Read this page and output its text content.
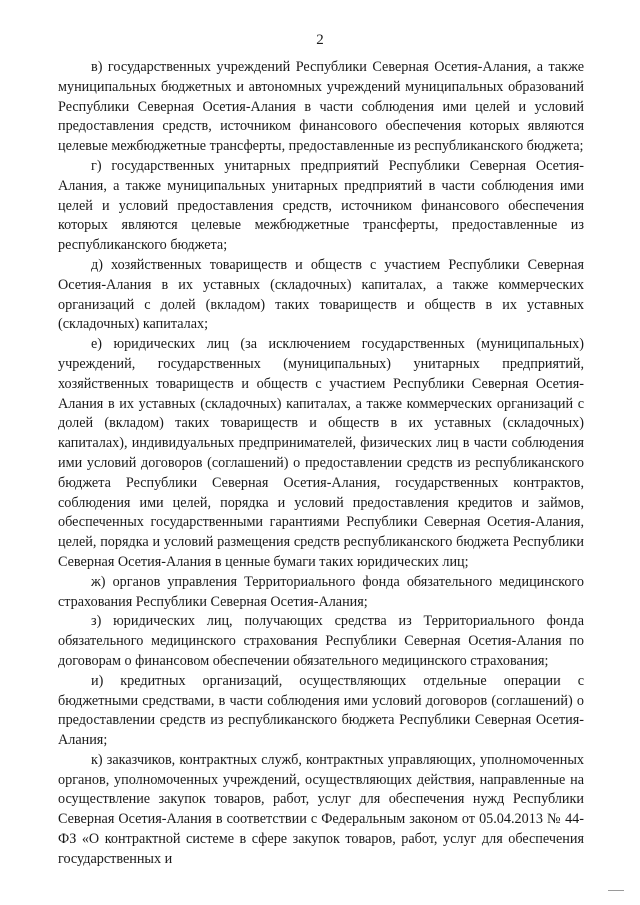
2

в) государственных учреждений Республики Северная Осетия-Алания, а также муниципальных бюджетных и автономных учреждений муниципальных образований Республики Северная Осетия-Алания в части соблюдения ими целей и условий предоставления средств, источником финансового обеспечения которых являются целевые межбюджетные трансферты, предоставленные из республиканского бюджета;

г) государственных унитарных предприятий Республики Северная Осетия-Алания, а также муниципальных унитарных предприятий в части соблюдения ими целей и условий предоставления средств, источником финансового обеспечения которых являются целевые межбюджетные трансферты, предоставленные из республиканского бюджета;

д) хозяйственных товариществ и обществ с участием Республики Северная Осетия-Алания в их уставных (складочных) капиталах, а также коммерческих организаций с долей (вкладом) таких товариществ и обществ в их уставных (складочных) капиталах;

е) юридических лиц (за исключением государственных (муниципальных) учреждений, государственных (муниципальных) унитарных предприятий, хозяйственных товариществ и обществ с участием Республики Северная Осетия-Алания в их уставных (складочных) капиталах, а также коммерческих организаций с долей (вкладом) таких товариществ и обществ в их уставных (складочных) капиталах), индивидуальных предпринимателей, физических лиц в части соблюдения ими условий договоров (соглашений) о предоставлении средств из республиканского бюджета Республики Северная Осетия-Алания, государственных контрактов, соблюдения ими целей, порядка и условий предоставления кредитов и займов, обеспеченных государственными гарантиями Республики Северная Осетия-Алания, целей, порядка и условий размещения средств республиканского бюджета Республики Северная Осетия-Алания в ценные бумаги таких юридических лиц;

ж) органов управления Территориального фонда обязательного медицинского страхования Республики Северная Осетия-Алания;

з) юридических лиц, получающих средства из Территориального фонда обязательного медицинского страхования Республики Северная Осетия-Алания по договорам о финансовом обеспечении обязательного медицинского страхования;

и) кредитных организаций, осуществляющих отдельные операции с бюджетными средствами, в части соблюдения ими условий договоров (соглашений) о предоставлении средств из республиканского бюджета Республики Северная Осетия-Алания;

к) заказчиков, контрактных служб, контрактных управляющих, уполномоченных органов, уполномоченных учреждений, осуществляющих действия, направленные на осуществление закупок товаров, работ, услуг для обеспечения нужд Республики Северная Осетия-Алания в соответствии с Федеральным законом от 05.04.2013 № 44-ФЗ «О контрактной системе в сфере закупок товаров, работ, услуг для обеспечения государственных и
